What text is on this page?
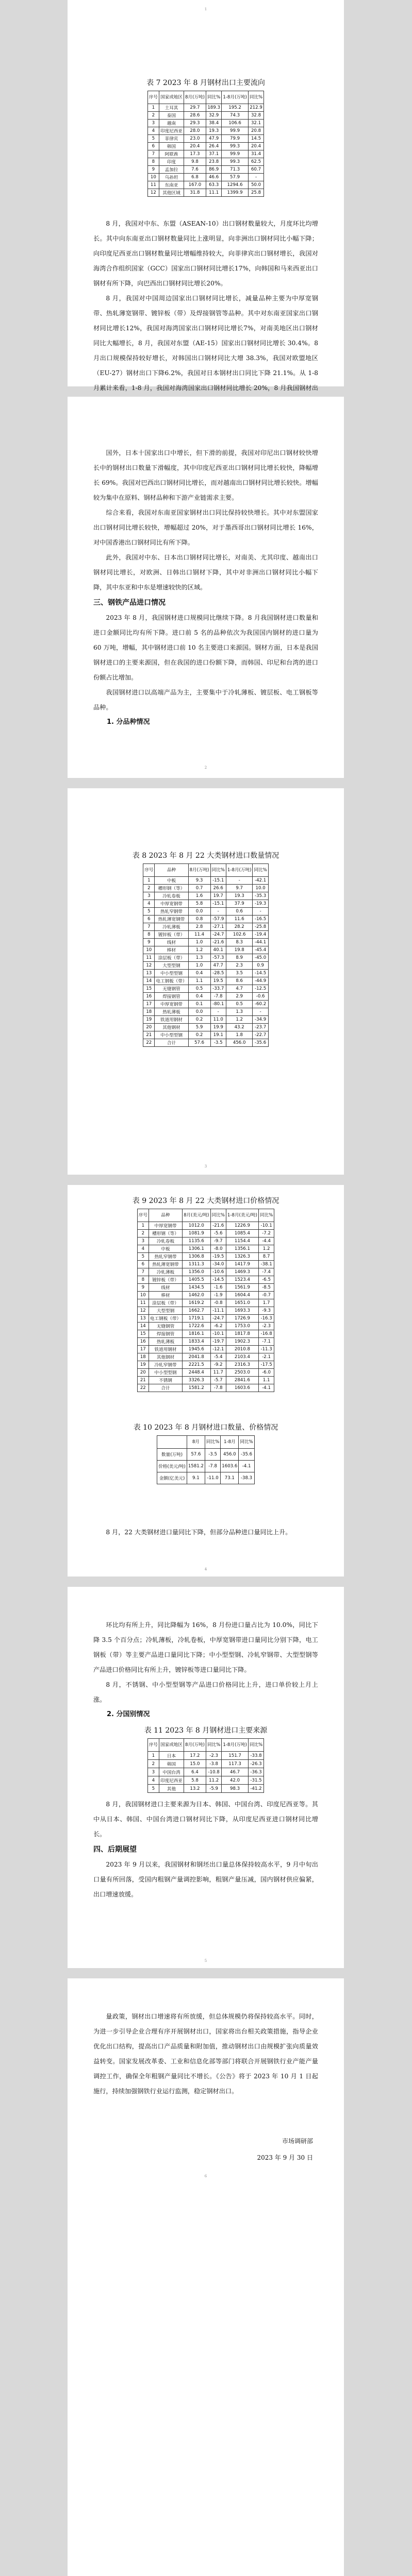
1

表 7 2023 年 8 月钢材出口主要流向

序号	国家或地区	8月(万吨)	同比%	1-8月(万吨)	同比%
1	土耳其	29.7	189.3	195.2	212.9
2	泰国	28.6	32.9	74.3	32.8
3	越南	29.3	38.4	106.6	32.1
4	印度尼西亚	28.0	19.3	99.9	20.8
5	菲律宾	23.0	47.9	79.9	14.5
6	韩国	20.4	26.4	99.3	20.4
7	阿联酋	17.3	37.1	99.9	31.4
8	印度	9.8	23.8	99.3	62.5
9	孟加拉	7.6	86.9	71.3	60.7
10	乌孙坦	6.8	46.6	57.9	-
11	东南亚	167.0	63.3	1294.6	50.0
12	其他区域	31.8	11.1	1399.9	25.8

8 月，我国对中东、东盟（ASEAN-10）出口钢材数量较大，月度环比均增长。其中向东南亚出口钢材数量同比上涨明显，向非洲出口钢材同比小幅下降；向印度尼西亚出口钢材数量同比增幅维持较大，向菲律宾出口钢材增长，我国对海湾合作组织国家（GCC）国家出口钢材同比增长17%，向韩国和马来西亚出口钢材有所下降，向巴西出口钢材同比增长20%。

8 月，我国对中国周边国家出口钢材同比增长，减量品种主要为中厚宽钢带、热轧薄宽钢带、镀锌板（带）及焊接钢管等品种。其中对东南亚国家出口钢材同比增长12%，我国对海湾国家出口钢材同比增长7%，对南美地区出口钢材同比大幅增长，8 月，我国对东盟（AE-15）国家出口钢材同比增长 30.4%。8 月出口规模保持较好增长，对韩国出口钢材同比大增 38.3%，我国对欧盟地区（EU-27）钢材出口下降6.2%，我国对日本钢材出口同比下降 21.1%。从 1-8 月累计来看，1-8 月，我国对海湾国家出口钢材同比增长 20%，8 月我国钢材出

国外，日本十国家出口中增长，但下滑的前提，我国对印尼出口钢材较快增长中的钢材出口数量下滑幅度，其中印度尼西亚出口钢材同比增长较快，降幅增长 69%。我国对巴西出口钢材同比增长，而对越南出口钢材同比增长较快。增幅较为集中在原料、钢材品种和下游产业链需求主要。

综合来看，我国对东南亚国家钢材出口同比保持较快增长。其中对东盟国家出口钢材同比增长较快，增幅超过 20%，对于墨西哥出口钢材同比增长 16%，对中国香港出口钢材同比有所下降。

此外，我国对中东、日本出口钢材同比增长，对南美、尤其印度、越南出口钢材同比增长，对欧洲、日韩出口钢材下降，其中对非洲出口钢材同比小幅下降，其中东亚和中东是增速较快的区域。

三、钢铁产品进口情况

2023 年 8 月，我国钢材进口规模同比继续下降。8 月我国钢材进口数量和进口金额同比均有所下降。进口前 5 名的品种依次为我国国内钢材的进口量为 60 万吨，增幅，其中钢材进口前 10 名主要进口来源国。钢材方面，日本是我国钢材进口的主要来源国，但在我国的进口份额下降，而韩国、印尼和台湾的进口份额占比增加。

我国钢材进口以高端产品为主，主要集中于冷轧薄板、镀层板、电工钢板等品种。

1. 分品种情况

2

表 8 2023 年 8 月 22 大类钢材进口数量情况

序号	品种	8月(万吨)	同比%	1-8月(万吨)	同比%
1	中板	9.3	-15.1	-	-42.1
2	槽形钢（等）	0.7	26.6	9.7	10.0
3	冷轧卷板	1.6	19.7	19.3	-35.3
4	中厚宽钢带	5.8	-15.1	37.9	-19.3
5	热轧窄钢带	0.0	-	0.6	-
6	热轧薄宽钢带	0.8	-57.9	11.6	-16.5
7	冷轧薄板	2.8	-27.1	28.2	-25.8
8	镀锌板（带）	11.4	-24.7	102.6	-19.4
9	线材	1.0	-21.6	8.3	-44.1
10	棒材	1.2	40.1	19.8	-45.4
11	涂层板（带）	1.3	-57.3	8.9	-45.0
12	大型型钢	1.0	47.7	2.3	0.9
13	中小型型钢	0.4	-28.5	3.5	-14.5
14	电工钢板（带）	1.1	19.5	8.6	-44.9
15	无缝钢管	0.5	-33.7	4.7	-12.5
16	焊接钢管	0.4	-7.8	2.9	-0.6
17	中厚宽钢带	0.1	-80.1	0.5	-60.2
18	热轧薄板	0.0	-	1.3	-
19	铁道用钢材	0.2	11.0	1.2	-34.9
20	其他钢材	5.9	19.9	43.2	-23.7
21	中小型型钢	0.2	19.1	1.8	-22.7
22	合计	57.6	-3.5	456.0	-35.6
3

表 9 2023 年 8 月 22 大类钢材进口价格情况

序号	品种	8月(美元/吨)	同比%	1-8月(美元/吨)	同比%
1	中厚宽钢带	1012.0	-21.6	1226.9	-10.1
2	槽形钢（等）	1081.9	-5.6	1085.4	-7.2
3	冷轧卷板	1135.6	-9.7	1154.4	-4.4
4	中板	1306.1	-8.0	1356.1	1.2
5	热轧窄钢带	1306.8	-19.5	1326.3	8.7
6	热轧薄宽钢带	1311.3	-34.0	1417.9	-38.1
7	冷轧薄板	1356.0	-10.6	1469.3	-7.4
8	镀锌板（带）	1405.5	-14.5	1523.4	-6.5
9	线材	1434.5	-1.6	1561.9	-8.5
10	棒材	1462.0	-1.9	1604.4	-0.7
11	涂层板（带）	1619.2	-0.8	1651.0	1.7
12	大型型钢	1662.7	-11.1	1693.3	-9.3
13	电工钢板（带）	1719.1	-24.7	1726.9	-16.3
14	无缝钢管	1722.6	-6.2	1753.0	-2.3
15	焊接钢管	1816.1	-10.1	1817.8	-16.8
16	热轧薄板	1833.4	-19.7	1902.3	-7.1
17	铁道用钢材	1945.6	-12.1	2010.8	-11.3
18	其他钢材	2041.8	-5.4	2103.4	-2.1
19	冷轧窄钢带	2221.5	-9.2	2316.3	-17.5
20	中小型型钢	2448.4	11.7	2503.0	-6.0
21	不锈钢	3326.3	-5.7	2841.6	1.1
22	合计	1581.2	-7.8	1603.6	-4.1

表 10 2023 年 8 月钢材进口数量、价格情况

	8月	同比%	1-8月	同比%
数量(万吨)	57.6	-3.5	456.0	-35.6
价格(美元/吨)	1581.2	-7.8	1603.6	-4.1
金额(亿美元)	9.1	-11.0	73.1	-38.3

8 月，22 大类钢材进口量同比下降，但部分品种进口量同比上升。

4

环比均有所上升，同比降幅为 16%，8 月份进口量占比为 10.0%，同比下降 3.5 个百分点；冷轧薄板，冷轧卷板，中厚宽钢带进口量同比分别下降，电工钢板（带）等主要产品进口量同比下降；中小型型钢、冷轧窄钢带、大型型钢等产品进口价格同比有所上升，镀锌板等进口量同比下降。

8 月，不锈钢、中小型型钢等产品进口价格同比上升，进口单价较上月上涨。

2. 分国别情况

表 11 2023 年 8 月钢材进口主要来源

序号	国家或地区	8月(万吨)	同比%	1-8月(万吨)	同比%
1	日本	17.2	-2.3	151.7	-33.8
2	韩国	15.0	-3.8	117.3	-26.3
3	中国台湾	6.4	-10.8	46.7	-36.3
4	印度尼西亚	5.8	11.2	42.0	-31.5
5	其他	13.2	-5.9	98.3	-41.2

8 月，我国钢材进口主要来源为日本、韩国、中国台湾、印度尼西亚等。其中从日本、韩国、中国台湾进口钢材同比下降，从印度尼西亚进口钢材同比增长。

四、后期展望

2023 年 9 月以来，我国钢材和钢坯出口量总体保持较高水平，9 月中旬出口量有所回落，受国内粗钢产量调控影响，粗钢产量压减，国内钢材供应偏紧，出口增速放缓。

5

量政策，钢材出口增速将有所放缓，但总体规模仍将保持较高水平。同时，为进一步引导企业合理有序开展钢材出口，国家将出台相关政策措施，指导企业优化出口结构，提高出口产品质量和附加值，推动钢材出口由规模扩张向质量效益转变。国家发展改革委、工业和信息化部等部门将联合开展钢铁行业产能产量调控工作，确保全年粗钢产量同比不增长。《公告》将于 2023 年 10 月 1 日起施行，持续加强钢铁行业运行监测，稳定钢材出口。

市场调研部

2023 年 9 月 30 日

6
